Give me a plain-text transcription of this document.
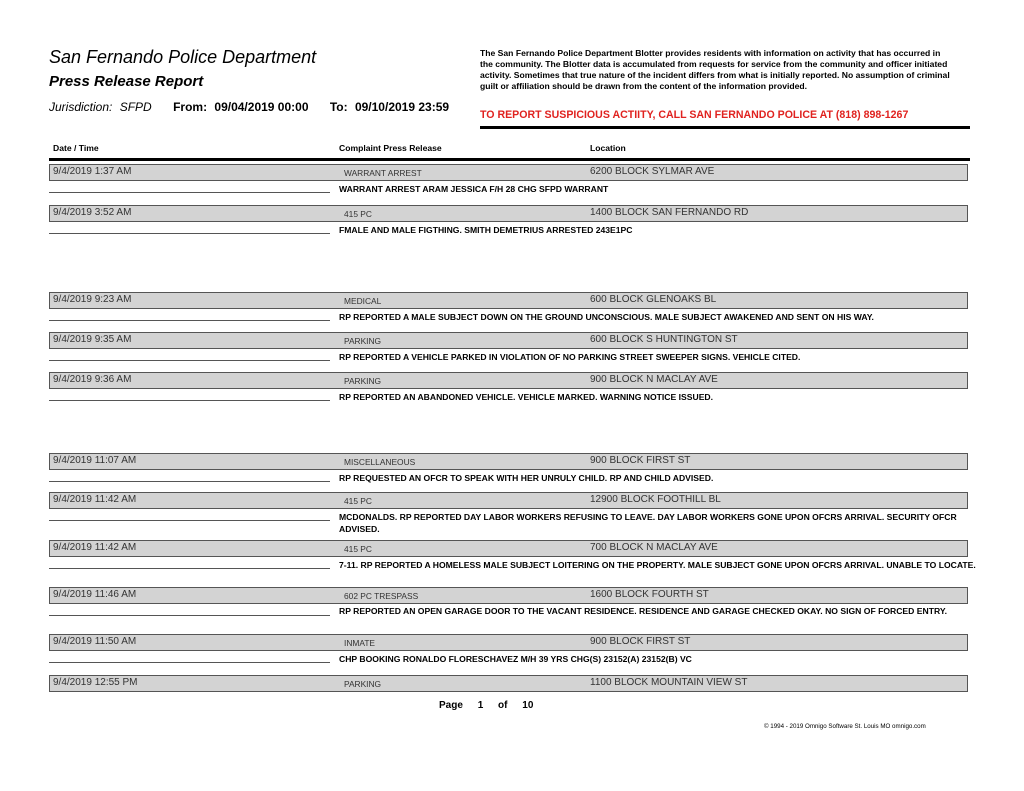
San Fernando Police Department
Press Release Report
Jurisdiction: SFPD From: 09/04/2019 00:00 To: 09/10/2019 23:59
The San Fernando Police Department Blotter provides residents with information on activity that has occurred in the community. The Blotter data is accumulated from requests for service from the community and officer initiated activity. Sometimes that true nature of the incident differs from what is initially reported. No assumption of criminal guilt or affiliation should be drawn from the content of the information provided.
TO REPORT SUSPICIOUS ACTIITY, CALL SAN FERNANDO POLICE AT (818) 898-1267
Date / Time	Complaint Press Release	Location
9/4/2019 1:37 AM	WARRANT ARREST	6200 BLOCK SYLMAR AVE
WARRANT ARREST ARAM JESSICA F/H 28 CHG SFPD WARRANT
9/4/2019 3:52 AM	415 PC	1400 BLOCK SAN FERNANDO RD
FMALE AND MALE FIGTHING. SMITH DEMETRIUS ARRESTED 243E1PC
9/4/2019 9:23 AM	MEDICAL	600 BLOCK GLENOAKS BL
RP REPORTED A MALE SUBJECT DOWN ON THE GROUND UNCONSCIOUS. MALE SUBJECT AWAKENED AND SENT ON HIS WAY.
9/4/2019 9:35 AM	PARKING	600 BLOCK S HUNTINGTON ST
RP REPORTED A VEHICLE PARKED IN VIOLATION OF NO PARKING STREET SWEEPER SIGNS. VEHICLE CITED.
9/4/2019 9:36 AM	PARKING	900 BLOCK N MACLAY AVE
RP REPORTED AN ABANDONED VEHICLE. VEHICLE MARKED. WARNING NOTICE ISSUED.
9/4/2019 11:07 AM	MISCELLANEOUS	900 BLOCK FIRST ST
RP REQUESTED AN OFCR TO SPEAK WITH HER UNRULY CHILD. RP AND CHILD ADVISED.
9/4/2019 11:42 AM	415 PC	12900 BLOCK FOOTHILL BL
MCDONALDS. RP REPORTED DAY LABOR WORKERS REFUSING TO LEAVE. DAY LABOR WORKERS GONE UPON OFCRS ARRIVAL. SECURITY OFCR ADVISED.
9/4/2019 11:42 AM	415 PC	700 BLOCK N MACLAY AVE
7-11. RP REPORTED A HOMELESS MALE SUBJECT LOITERING ON THE PROPERTY. MALE SUBJECT GONE UPON OFCRS ARRIVAL. UNABLE TO LOCATE.
9/4/2019 11:46 AM	602 PC TRESPASS	1600 BLOCK FOURTH ST
RP REPORTED AN OPEN GARAGE DOOR TO THE VACANT RESIDENCE. RESIDENCE AND GARAGE CHECKED OKAY. NO SIGN OF FORCED ENTRY.
9/4/2019 11:50 AM	INMATE	900 BLOCK FIRST ST
CHP BOOKING RONALDO FLORESCHAVEZ M/H 39 YRS CHG(S) 23152(A) 23152(B) VC
9/4/2019 12:55 PM	PARKING	1100 BLOCK MOUNTAIN VIEW ST
Page 1 of 10
© 1994 - 2019 Omnigo Software St. Louis MO omnigo.com
